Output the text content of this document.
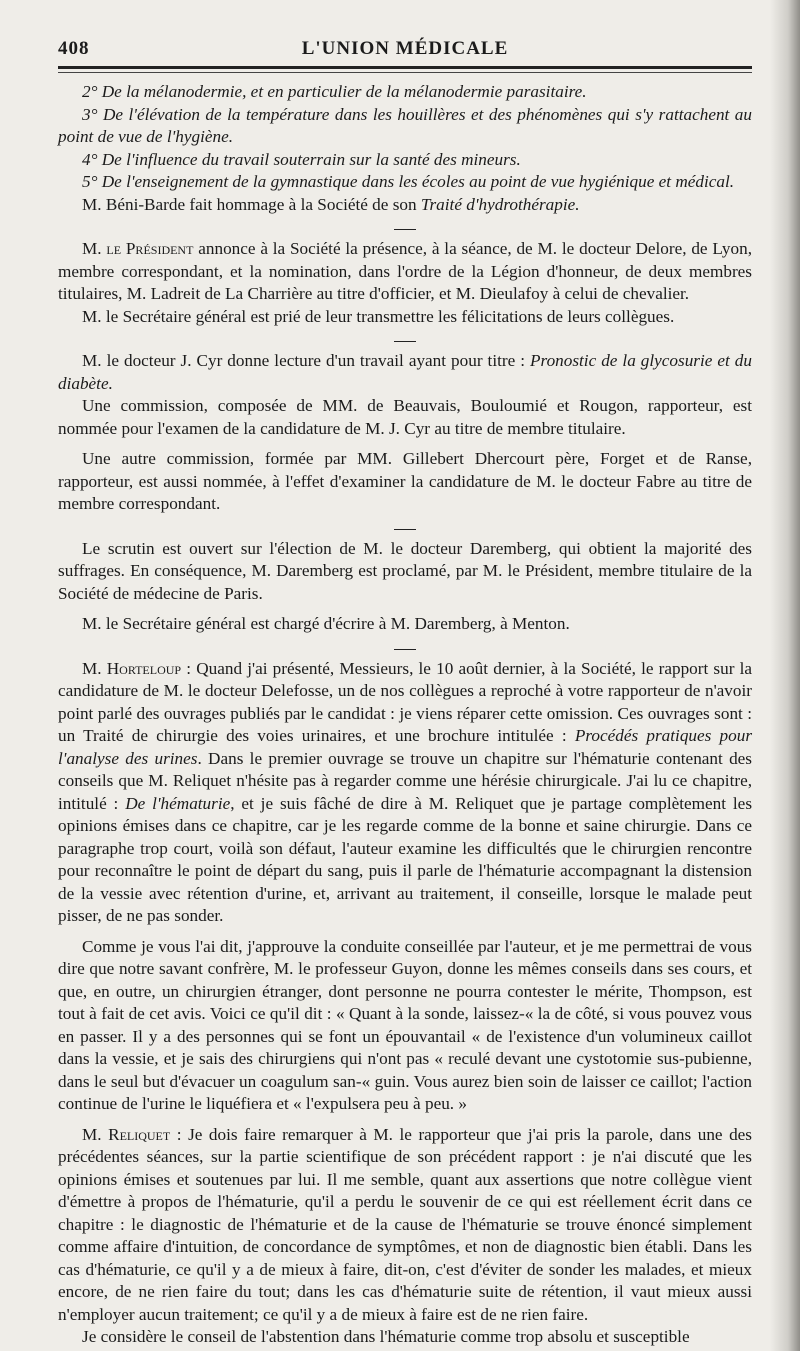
408	L'UNION MÉDICALE

2° De la mélanodermie, et en particulier de la mélanodermie parasitaire.

3° De l'élévation de la température dans les houillères et des phénomènes qui s'y rattachent au point de vue de l'hygiène.

4° De l'influence du travail souterrain sur la santé des mineurs.

5° De l'enseignement de la gymnastique dans les écoles au point de vue hygiénique et médical.

M. Béni-Barde fait hommage à la Société de son Traité d'hydrothérapie.

M. le Président annonce à la Société la présence, à la séance, de M. le docteur Delore, de Lyon, membre correspondant, et la nomination, dans l'ordre de la Légion d'honneur, de deux membres titulaires, M. Ladreit de La Charrière au titre d'officier, et M. Dieulafoy à celui de chevalier.

M. le Secrétaire général est prié de leur transmettre les félicitations de leurs collègues.

M. le docteur J. Cyr donne lecture d'un travail ayant pour titre : Pronostic de la glycosurie et du diabète.

Une commission, composée de MM. de Beauvais, Bouloumié et Rougon, rapporteur, est nommée pour l'examen de la candidature de M. J. Cyr au titre de membre titulaire.

Une autre commission, formée par MM. Gillebert Dhercourt père, Forget et de Ranse, rapporteur, est aussi nommée, à l'effet d'examiner la candidature de M. le docteur Fabre au titre de membre correspondant.

Le scrutin est ouvert sur l'élection de M. le docteur Daremberg, qui obtient la majorité des suffrages. En conséquence, M. Daremberg est proclamé, par M. le Président, membre titulaire de la Société de médecine de Paris.

M. le Secrétaire général est chargé d'écrire à M. Daremberg, à Menton.

M. Horteloup : Quand j'ai présenté, Messieurs, le 10 août dernier, à la Société, le rapport sur la candidature de M. le docteur Delefosse, un de nos collègues a reproché à votre rapporteur de n'avoir point parlé des ouvrages publiés par le candidat : je viens réparer cette omission. Ces ouvrages sont : un Traité de chirurgie des voies urinaires, et une brochure intitulée : Procédés pratiques pour l'analyse des urines. Dans le premier ouvrage se trouve un chapitre sur l'hématurie contenant des conseils que M. Reliquet n'hésite pas à regarder comme une hérésie chirurgicale. J'ai lu ce chapitre, intitulé : De l'hématurie, et je suis fâché de dire à M. Reliquet que je partage complètement les opinions émises dans ce chapitre, car je les regarde comme de la bonne et saine chirurgie. Dans ce paragraphe trop court, voilà son défaut, l'auteur examine les difficultés que le chirurgien rencontre pour reconnaître le point de départ du sang, puis il parle de l'hématurie accompagnant la distension de la vessie avec rétention d'urine, et, arrivant au traitement, il conseille, lorsque le malade peut pisser, de ne pas sonder.

Comme je vous l'ai dit, j'approuve la conduite conseillée par l'auteur, et je me permettrai de vous dire que notre savant confrère, M. le professeur Guyon, donne les mêmes conseils dans ses cours, et que, en outre, un chirurgien étranger, dont personne ne pourra contester le mérite, Thompson, est tout à fait de cet avis. Voici ce qu'il dit : « Quant à la sonde, laissez-« la de côté, si vous pouvez vous en passer. Il y a des personnes qui se font un épouvantail « de l'existence d'un volumineux caillot dans la vessie, et je sais des chirurgiens qui n'ont pas « reculé devant une cystotomie sus-pubienne, dans le seul but d'évacuer un coagulum san-« guin. Vous aurez bien soin de laisser ce caillot; l'action continue de l'urine le liquéfiera et « l'expulsera peu à peu. »

M. Reliquet : Je dois faire remarquer à M. le rapporteur que j'ai pris la parole, dans une des précédentes séances, sur la partie scientifique de son précédent rapport : je n'ai discuté que les opinions émises et soutenues par lui. Il me semble, quant aux assertions que notre collègue vient d'émettre à propos de l'hématurie, qu'il a perdu le souvenir de ce qui est réellement écrit dans ce chapitre : le diagnostic de l'hématurie et de la cause de l'hématurie se trouve énoncé simplement comme affaire d'intuition, de concordance de symptômes, et non de diagnostic bien établi. Dans les cas d'hématurie, ce qu'il y a de mieux à faire, dit-on, c'est d'éviter de sonder les malades, et mieux encore, de ne rien faire du tout; dans les cas d'hématurie suite de rétention, il vaut mieux aussi n'employer aucun traitement; ce qu'il y a de mieux à faire est de ne rien faire.

Je considère le conseil de l'abstention dans l'hématurie comme trop absolu et susceptible
